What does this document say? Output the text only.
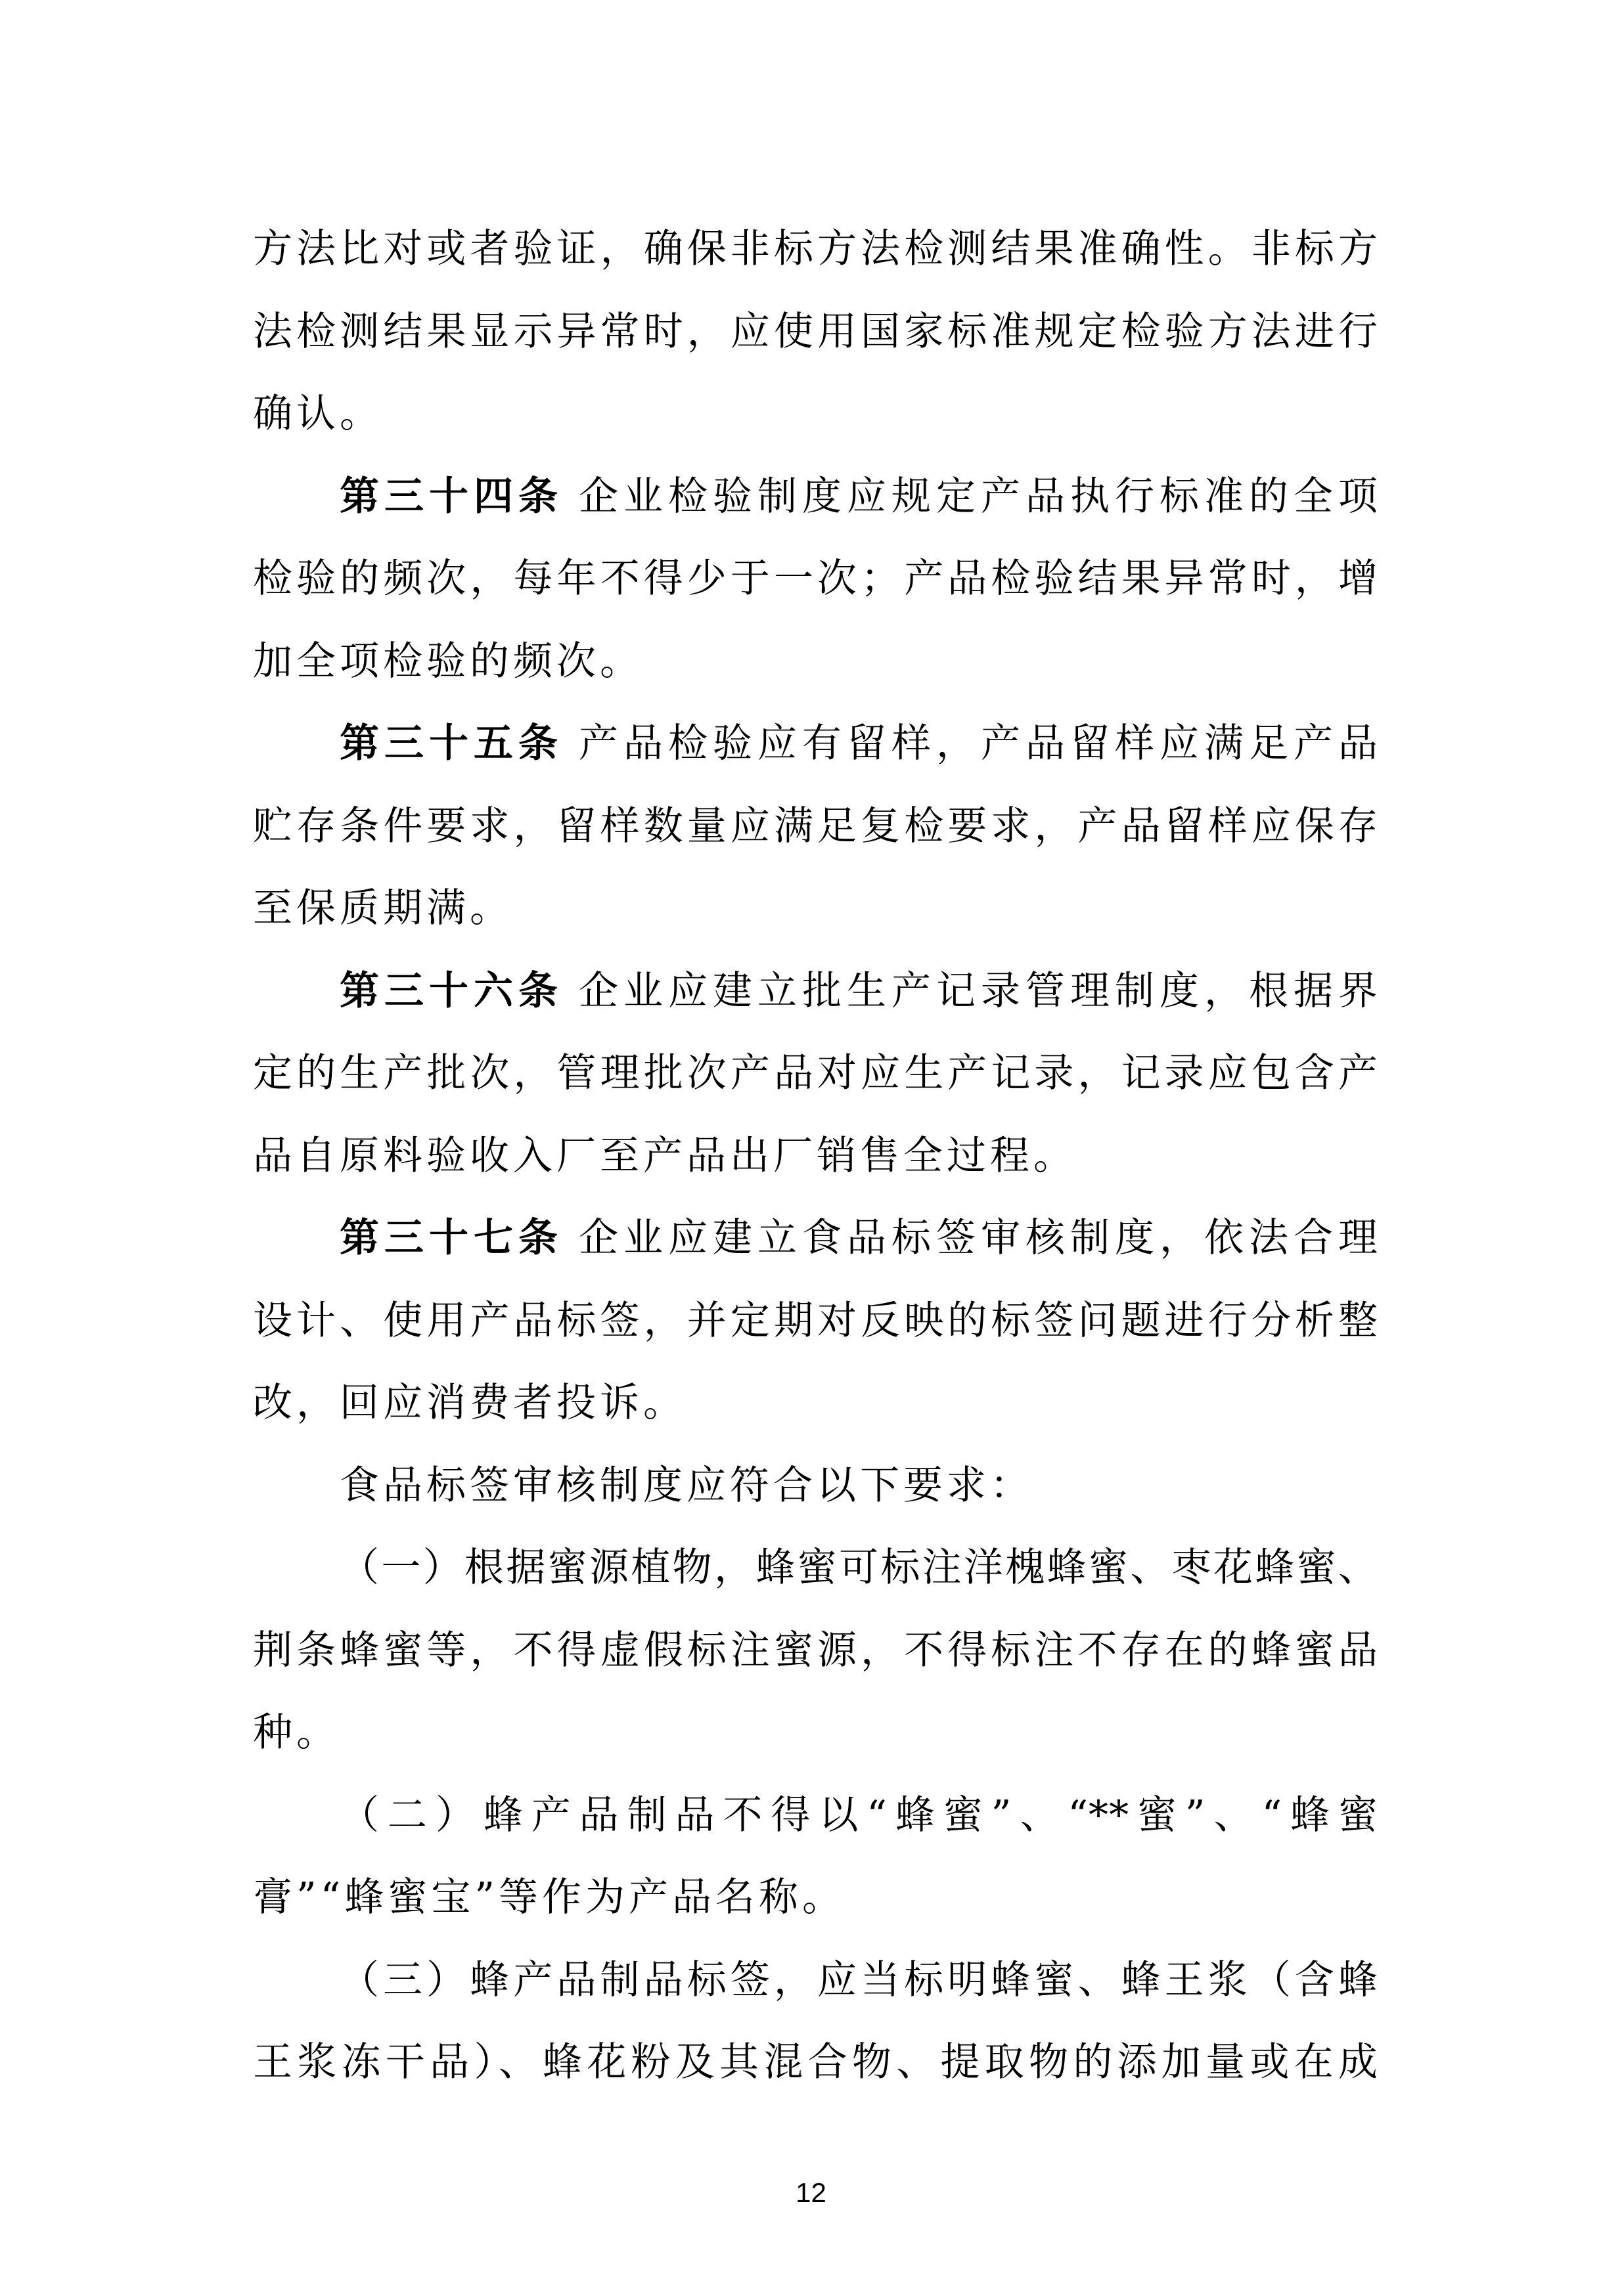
方法比对或者验证，确保非标方法检测结果准确性。非标方
法检测结果显示异常时，应使用国家标准规定检验方法进行
确认。
第三十四条 企业检验制度应规定产品执行标准的全项
检验的频次，每年不得少于一次；产品检验结果异常时，增
加全项检验的频次。
第三十五条 产品检验应有留样，产品留样应满足产品
贮存条件要求，留样数量应满足复检要求，产品留样应保存
至保质期满。
第三十六条 企业应建立批生产记录管理制度，根据界
定的生产批次，管理批次产品对应生产记录，记录应包含产
品自原料验收入厂至产品出厂销售全过程。
第三十七条 企业应建立食品标签审核制度，依法合理
设计、使用产品标签，并定期对反映的标签问题进行分析整
改，回应消费者投诉。
食品标签审核制度应符合以下要求：
（一）根据蜜源植物，蜂蜜可标注洋槐蜂蜜、枣花蜂蜜、
荆条蜂蜜等，不得虚假标注蜜源，不得标注不存在的蜂蜜品
种。
（二）蜂产品制品不得以“蜂蜜”、“**蜜”、“蜂蜜
膏”“蜂蜜宝”等作为产品名称。
（三）蜂产品制品标签，应当标明蜂蜜、蜂王浆（含蜂
王浆冻干品）、蜂花粉及其混合物、提取物的添加量或在成
12
